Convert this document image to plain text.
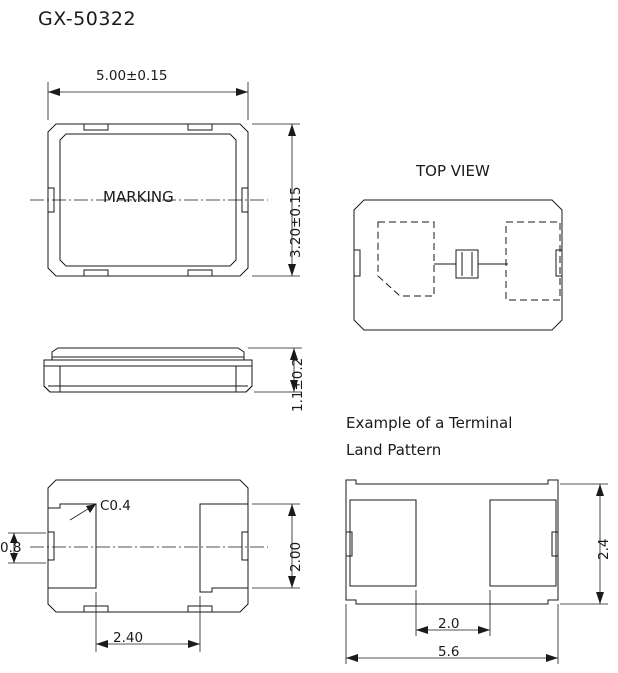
GX-50322
5.00±0.15
3.20±0.15
MARKING
1.1±0.2
C0.4
0.8	2.00
2.40
TOP VIEW
Example of a Terminal
Land Pattern
2.0
5.6
2.4
